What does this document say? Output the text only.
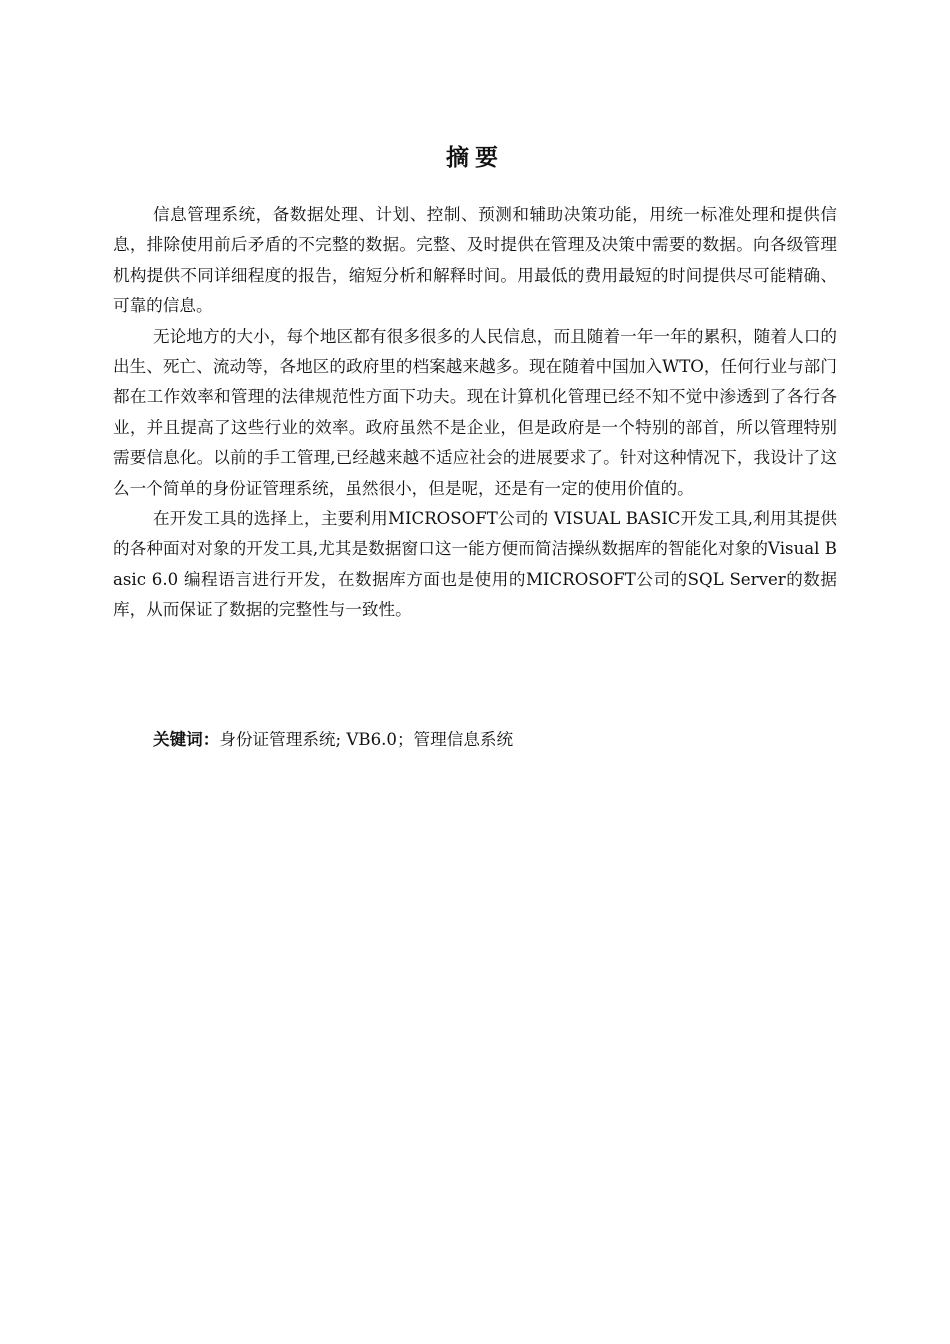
摘要

信息管理系统，备数据处理、计划、控制、预测和辅助决策功能，用统一标准处理和提供信息，排除使用前后矛盾的不完整的数据。完整、及时提供在管理及决策中需要的数据。向各级管理机构提供不同详细程度的报告，缩短分析和解释时间。用最低的费用最短的时间提供尽可能精确、可靠的信息。

无论地方的大小，每个地区都有很多很多的人民信息，而且随着一年一年的累积，随着人口的出生、死亡、流动等，各地区的政府里的档案越来越多。现在随着中国加入WTO，任何行业与部门都在工作效率和管理的法律规范性方面下功夫。现在计算机化管理已经不知不觉中渗透到了各行各业，并且提高了这些行业的效率。政府虽然不是企业，但是政府是一个特别的部首，所以管理特别需要信息化。以前的手工管理,已经越来越不适应社会的进展要求了。针对这种情况下，我设计了这么一个简单的身份证管理系统，虽然很小，但是呢，还是有一定的使用价值的。

在开发工具的选择上，主要利用MICROSOFT公司的 VISUAL BASIC开发工具,利用其提供的各种面对对象的开发工具,尤其是数据窗口这一能方便而简洁操纵数据库的智能化对象的Visual Basic 6.0 编程语言进行开发，在数据库方面也是使用的MICROSOFT公司的SQL Server的数据库，从而保证了数据的完整性与一致性。

关键词：身份证管理系统; VB6.0；管理信息系统
